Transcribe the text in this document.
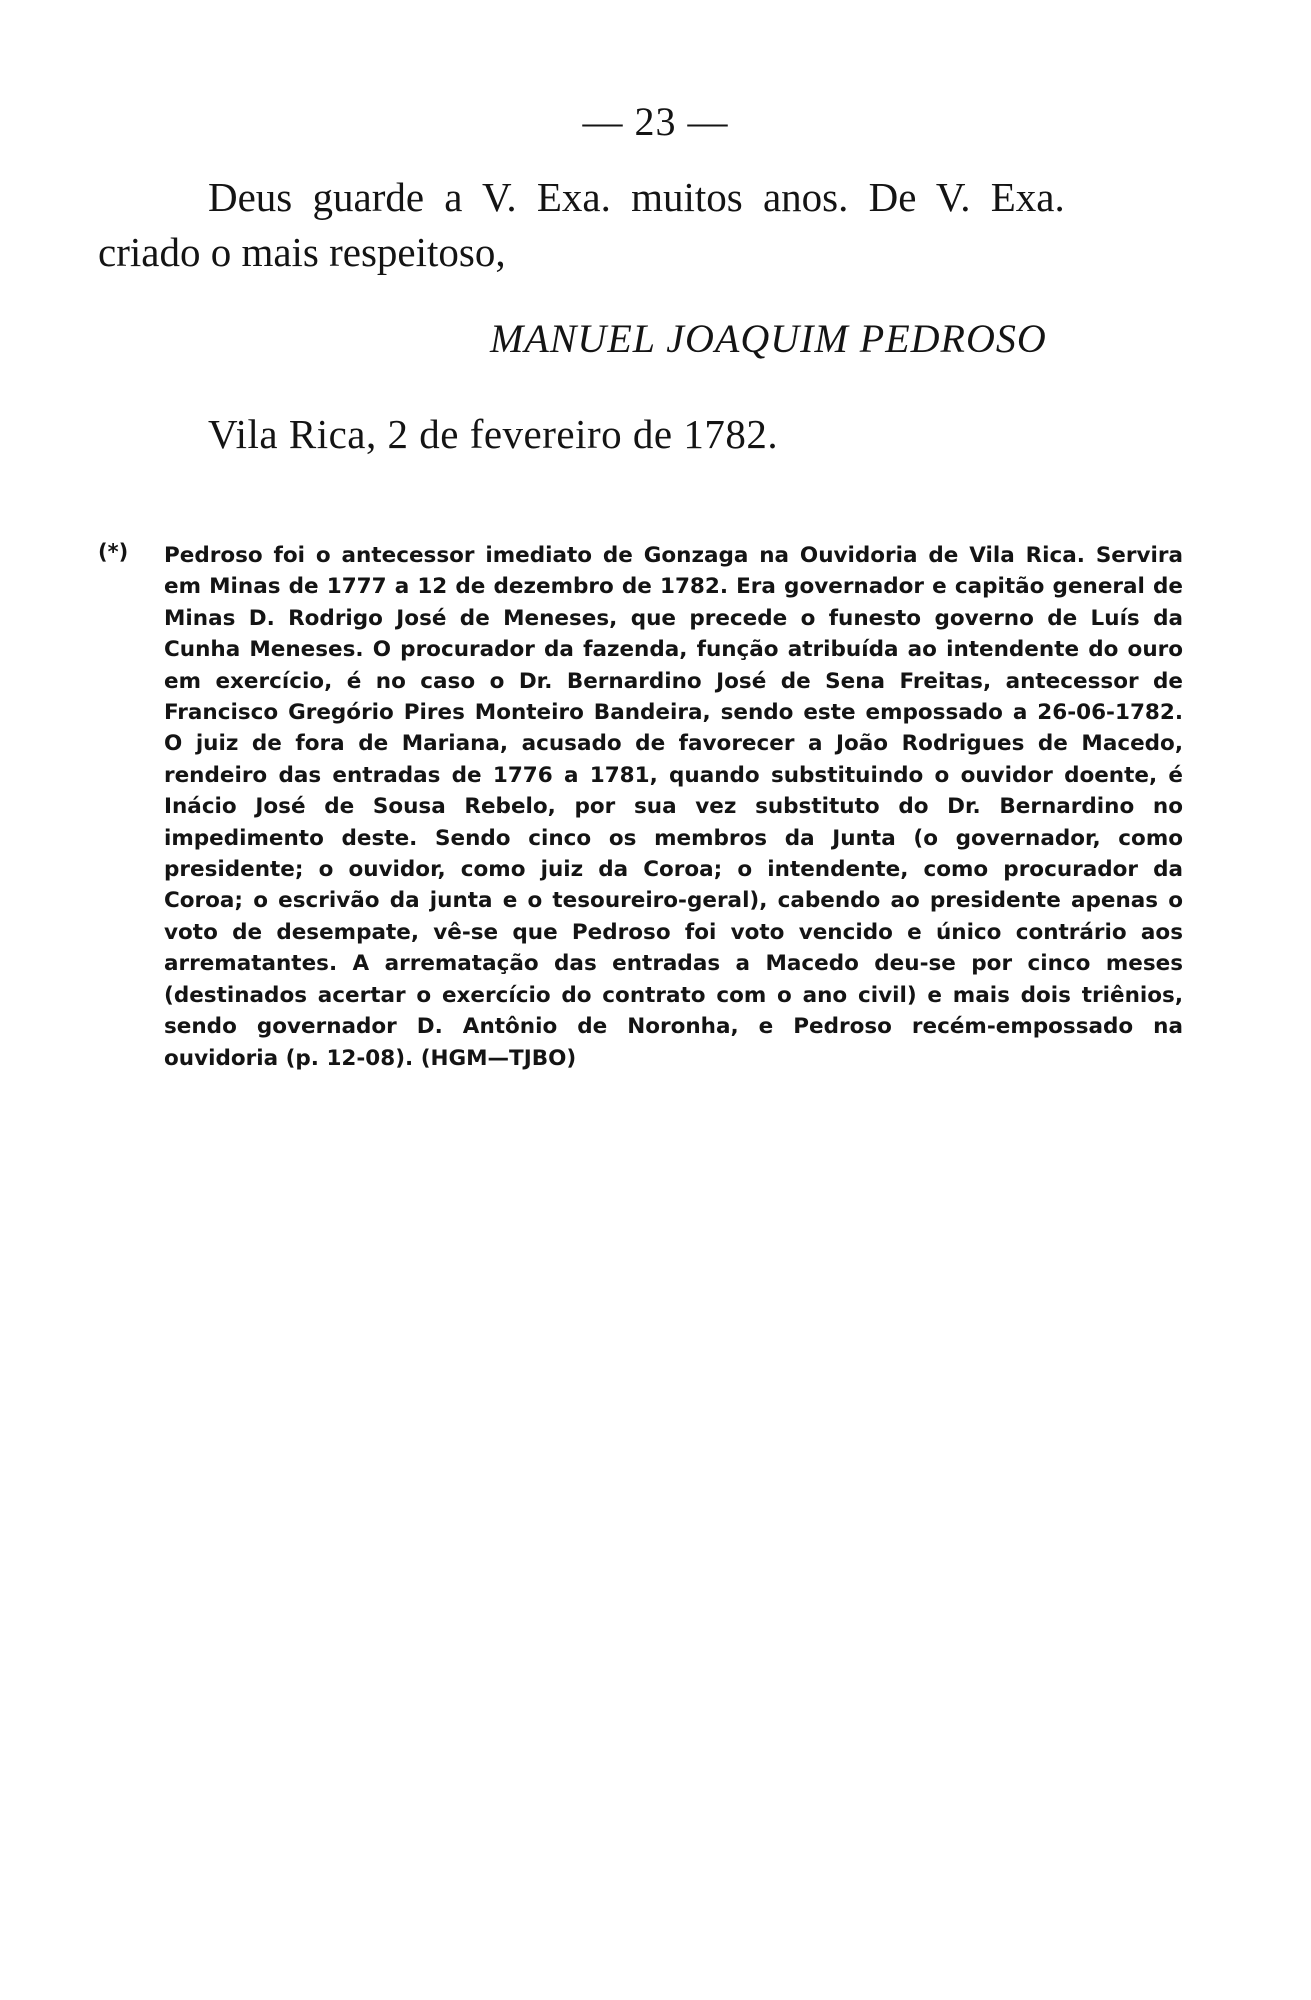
— 23 —
Deus guarde a V. Exa. muitos anos. De V. Exa.
criado o mais respeitoso,
MANUEL JOAQUIM PEDROSO
Vila Rica, 2 de fevereiro de 1782.
(*) Pedroso foi o antecessor imediato de Gonzaga na Ouvidoria de Vila Rica. Servira em Minas de 1777 a 12 de dezembro de 1782. Era governador e capitão general de Minas D. Rodrigo José de Meneses, que precede o funesto governo de Luís da Cunha Meneses. O procurador da fazenda, função atribuída ao intendente do ouro em exercício, é no caso o Dr. Bernardino José de Sena Freitas, antecessor de Francisco Gregório Pires Monteiro Bandeira, sendo este empossado a 26-06-1782. O juiz de fora de Mariana, acusado de favorecer a João Rodrigues de Macedo, rendeiro das entradas de 1776 a 1781, quando substituindo o ouvidor doente, é Inácio José de Sousa Rebelo, por sua vez substituto do Dr. Bernardino no impedimento deste. Sendo cinco os membros da Junta (o governador, como presidente; o ouvidor, como juiz da Coroa; o intendente, como procurador da Coroa; o escrivão da junta e o tesoureiro-geral), cabendo ao presidente apenas o voto de desempate, vê-se que Pedroso foi voto vencido e único contrário aos arrematantes. A arrematação das entradas a Macedo deu-se por cinco meses (destinados acertar o exercício do contrato com o ano civil) e mais dois triênios, sendo governador D. Antônio de Noronha, e Pedroso recém-empossado na ouvidoria (p. 12-08). (HGM—TJBO)
